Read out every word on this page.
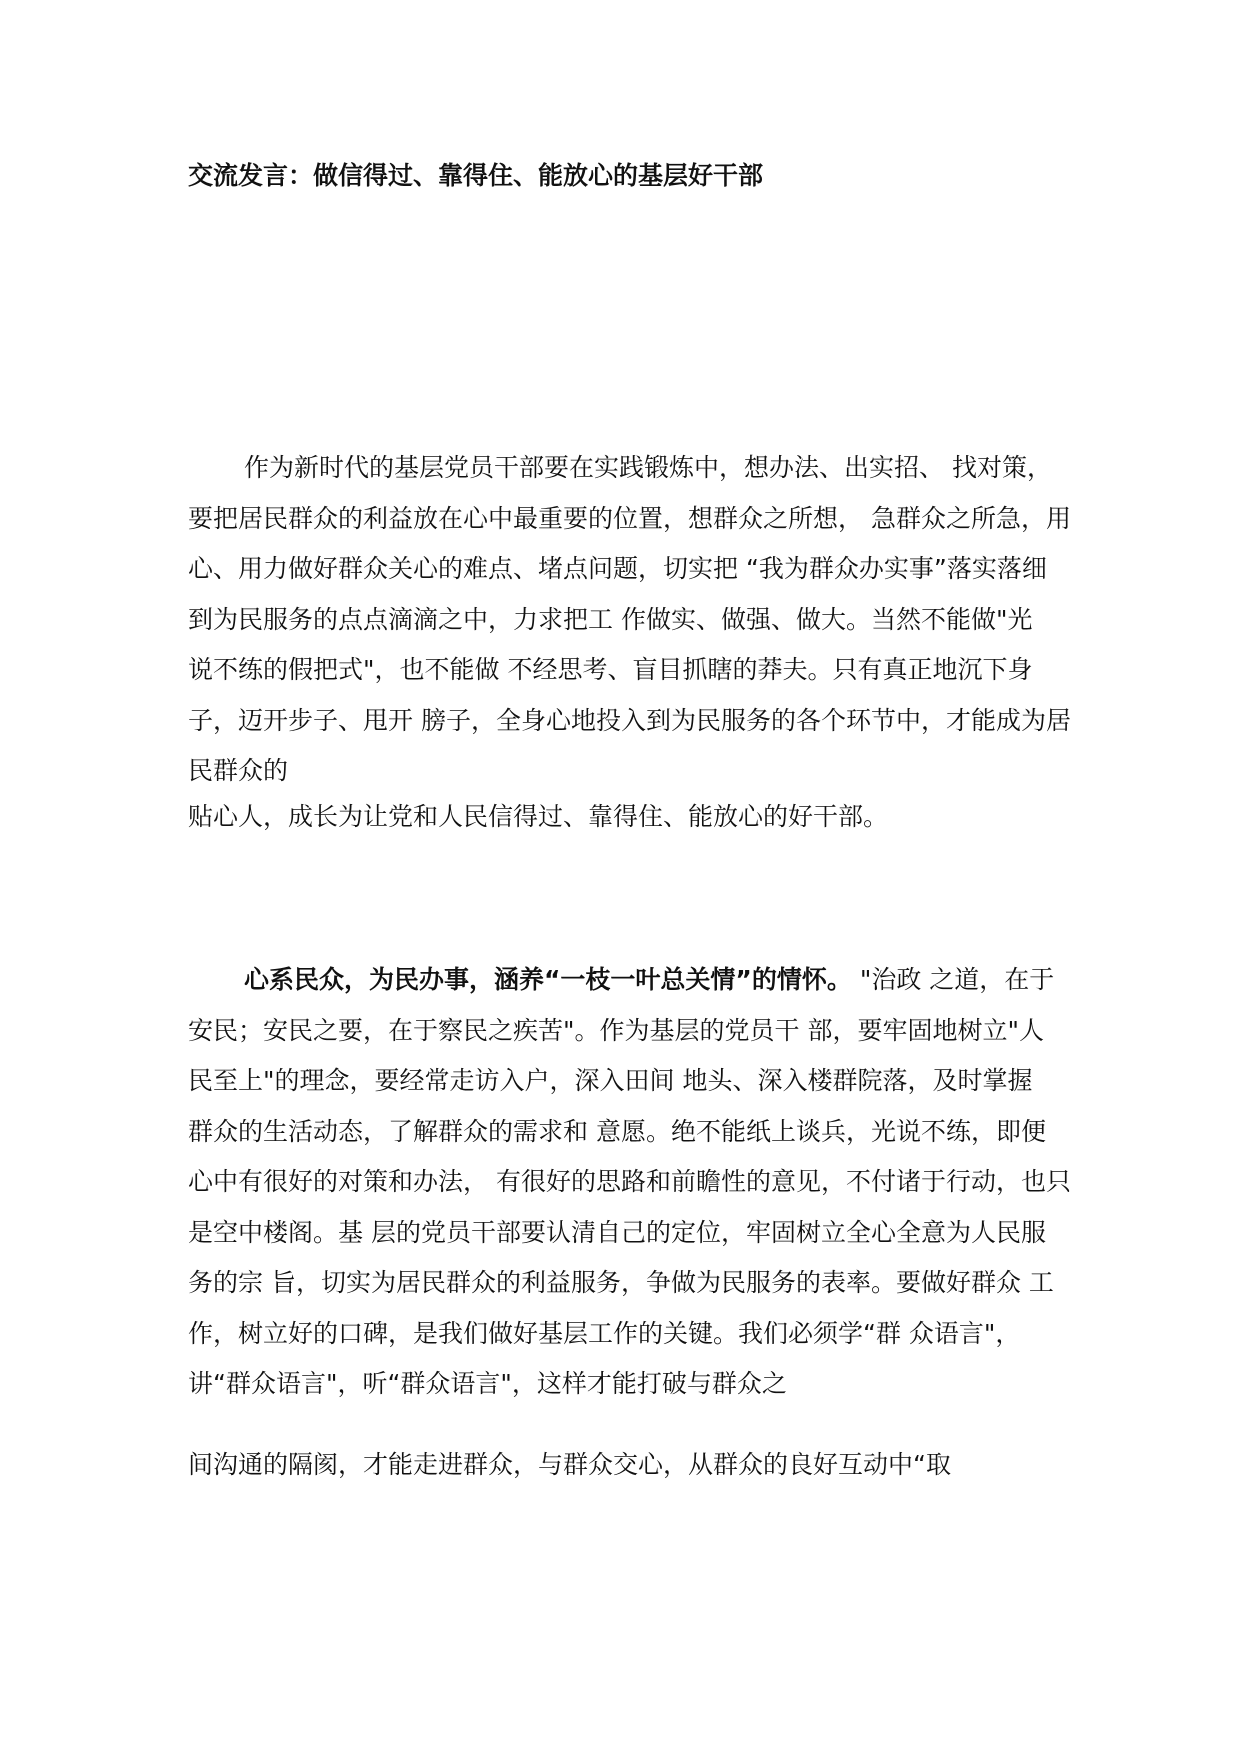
交流发言：做信得过、靠得住、能放心的基层好干部

作为新时代的基层党员干部要在实践锻炼中，想办法、出实招、 找对策，
要把居民群众的利益放在心中最重要的位置，想群众之所想， 急群众之所急，用
心、用力做好群众关心的难点、堵点问题，切实把 “我为群众办实事”落实落细
到为民服务的点点滴滴之中，力求把工 作做实、做强、做大。当然不能做"光
说不练的假把式"，也不能做 不经思考、盲目抓瞎的莽夫。只有真正地沉下身
子，迈开步子、甩开 膀子，全身心地投入到为民服务的各个环节中，才能成为居
民群众的

贴心人，成长为让党和人民信得过、靠得住、能放心的好干部。

心系民众，为民办事，涵养“一枝一叶总关情”的情怀。 "治政 之道，在于
安民；安民之要，在于察民之疾苦"。作为基层的党员干 部，要牢固地树立"人
民至上"的理念，要经常走访入户，深入田间 地头、深入楼群院落，及时掌握
群众的生活动态，了解群众的需求和 意愿。绝不能纸上谈兵，光说不练，即便
心中有很好的对策和办法， 有很好的思路和前瞻性的意见，不付诸于行动，也只
是空中楼阁。基 层的党员干部要认清自己的定位，牢固树立全心全意为人民服
务的宗 旨，切实为居民群众的利益服务，争做为民服务的表率。要做好群众 工
作，树立好的口碑，是我们做好基层工作的关键。我们必须学“群 众语言"，
讲“群众语言"，听“群众语言"，这样才能打破与群众之

间沟通的隔阂，才能走进群众，与群众交心，从群众的良好互动中“取
